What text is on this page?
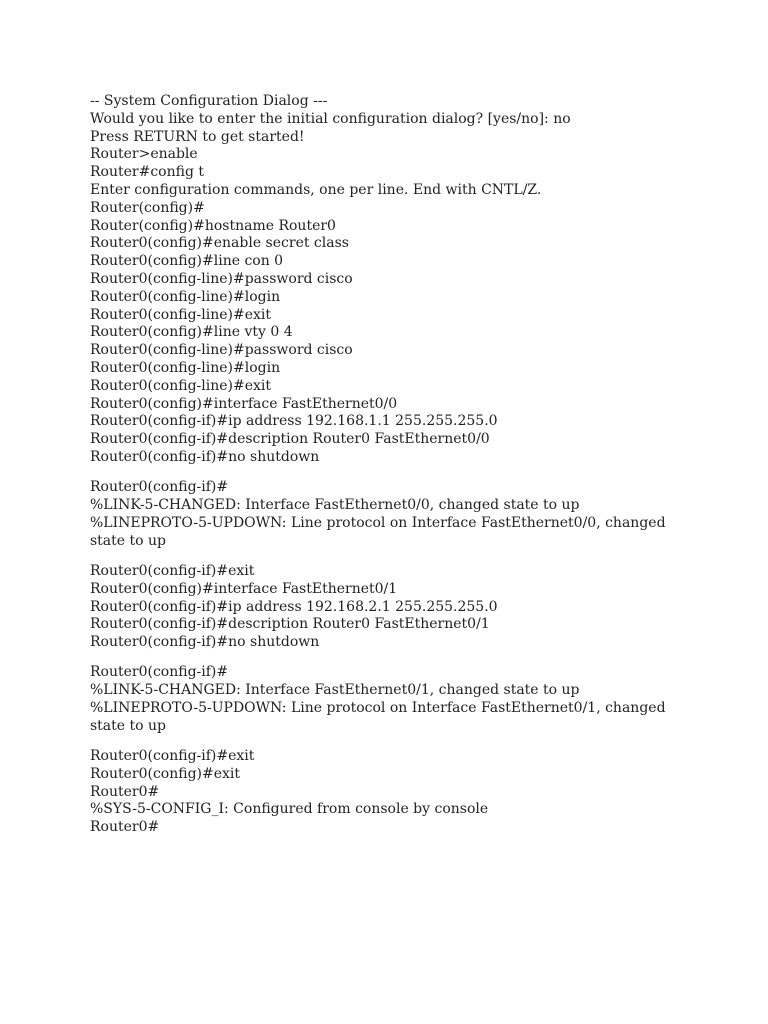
-- System Configuration Dialog ---
Would you like to enter the initial configuration dialog? [yes/no]: no
Press RETURN to get started!
Router>enable
Router#config t
Enter configuration commands, one per line. End with CNTL/Z.
Router(config)#
Router(config)#hostname Router0
Router0(config)#enable secret class
Router0(config)#line con 0
Router0(config-line)#password cisco
Router0(config-line)#login
Router0(config-line)#exit
Router0(config)#line vty 0 4
Router0(config-line)#password cisco
Router0(config-line)#login
Router0(config-line)#exit
Router0(config)#interface FastEthernet0/0
Router0(config-if)#ip address 192.168.1.1 255.255.255.0
Router0(config-if)#description Router0 FastEthernet0/0
Router0(config-if)#no shutdown
Router0(config-if)#
%LINK-5-CHANGED: Interface FastEthernet0/0, changed state to up
%LINEPROTO-5-UPDOWN: Line protocol on Interface FastEthernet0/0, changed state to up
Router0(config-if)#exit
Router0(config)#interface FastEthernet0/1
Router0(config-if)#ip address 192.168.2.1 255.255.255.0
Router0(config-if)#description Router0 FastEthernet0/1
Router0(config-if)#no shutdown
Router0(config-if)#
%LINK-5-CHANGED: Interface FastEthernet0/1, changed state to up
%LINEPROTO-5-UPDOWN: Line protocol on Interface FastEthernet0/1, changed state to up
Router0(config-if)#exit
Router0(config)#exit
Router0#
%SYS-5-CONFIG_I: Configured from console by console
Router0#
